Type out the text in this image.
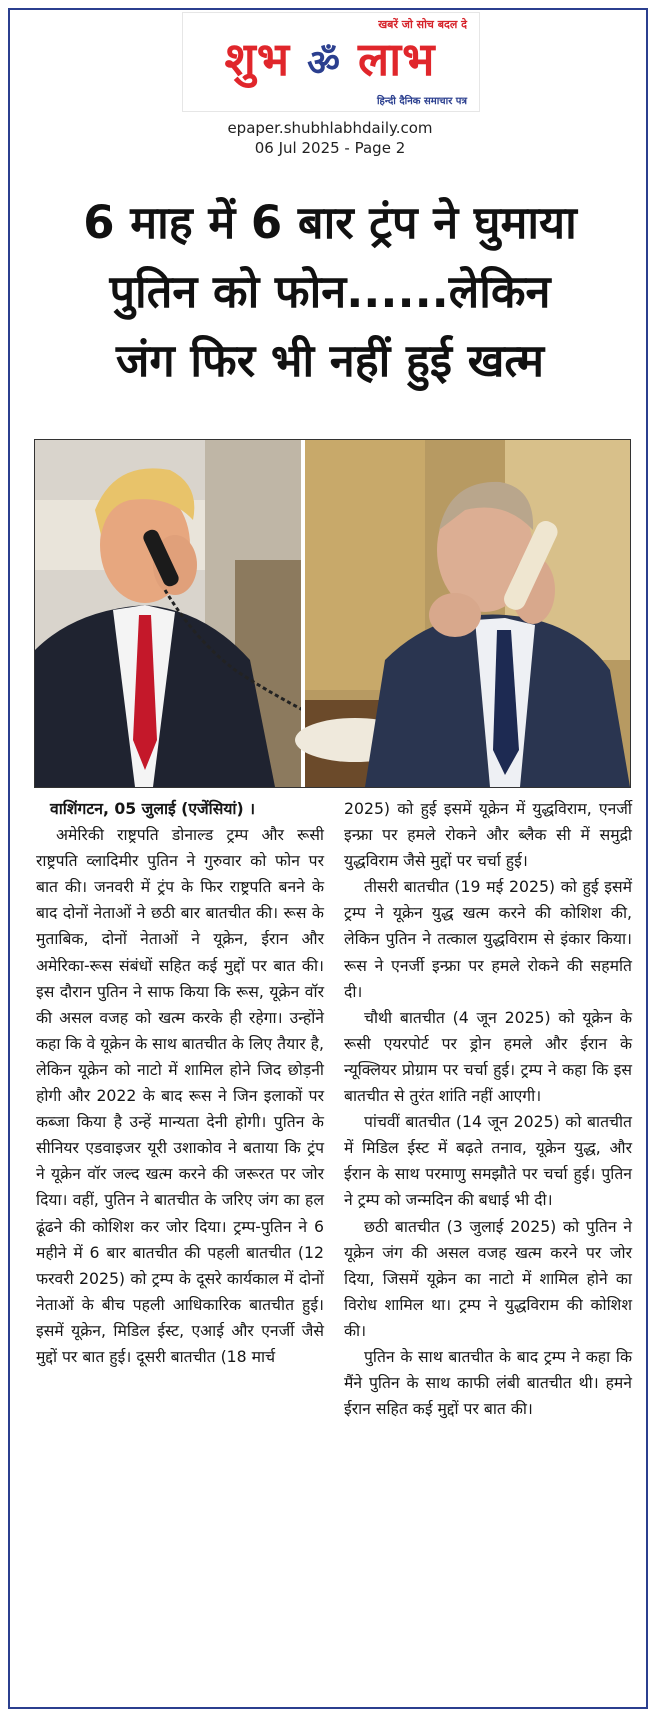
खबरें जो सोच बदल दे
शुभ ॐ लाभ
हिन्दी दैनिक समाचार पत्र
epaper.shubhlabhdaily.com
06 Jul 2025 - Page 2
6 माह में 6 बार ट्रंप ने घुमाया
पुतिन को फोन......लेकिन
जंग फिर भी नहीं हुई खत्म

वाशिंगटन, 05 जुलाई (एजेंसियां) ।

अमेरिकी राष्ट्रपति डोनाल्ड ट्रम्प और रूसी राष्ट्रपति व्लादिमीर पुतिन ने गुरुवार को फोन पर बात की। जनवरी में ट्रंप के फिर राष्ट्रपति बनने के बाद दोनों नेताओं ने छठी बार बातचीत की। रूस के मुताबिक, दोनों नेताओं ने यूक्रेन, ईरान और अमेरिका-रूस संबंधों सहित कई मुद्दों पर बात की। इस दौरान पुतिन ने साफ किया कि रूस, यूक्रेन वॉर की असल वजह को खत्म करके ही रहेगा। उन्होंने कहा कि वे यूक्रेन के साथ बातचीत के लिए तैयार है, लेकिन यूक्रेन को नाटो में शामिल होने जिद छोड़नी होगी और 2022 के बाद रूस ने जिन इलाकों पर कब्जा किया है उन्हें मान्यता देनी होगी। पुतिन के सीनियर एडवाइजर यूरी उशाकोव ने बताया कि ट्रंप ने यूक्रेन वॉर जल्द खत्म करने की जरूरत पर जोर दिया। वहीं, पुतिन ने बातचीत के जरिए जंग का हल ढूंढने की कोशिश कर जोर दिया। ट्रम्प-पुतिन ने 6 महीने में 6 बार बातचीत की पहली बातचीत (12 फरवरी 2025) को ट्रम्प के दूसरे कार्यकाल में दोनों नेताओं के बीच पहली आधिकारिक बातचीत हुई। इसमें यूक्रेन, मिडिल ईस्ट, एआई और एनर्जी जैसे मुद्दों पर बात हुई। दूसरी बातचीत (18 मार्च

2025) को हुई इसमें यूक्रेन में युद्धविराम, एनर्जी इन्फ्रा पर हमले रोकने और ब्लैक सी में समुद्री युद्धविराम जैसे मुद्दों पर चर्चा हुई।

तीसरी बातचीत (19 मई 2025) को हुई इसमें ट्रम्प ने यूक्रेन युद्ध खत्म करने की कोशिश की, लेकिन पुतिन ने तत्काल युद्धविराम से इंकार किया। रूस ने एनर्जी इन्फ्रा पर हमले रोकने की सहमति दी।

चौथी बातचीत (4 जून 2025) को यूक्रेन के रूसी एयरपोर्ट पर ड्रोन हमले और ईरान के न्यूक्लियर प्रोग्राम पर चर्चा हुई। ट्रम्प ने कहा कि इस बातचीत से तुरंत शांति नहीं आएगी।

पांचवीं बातचीत (14 जून 2025) को बातचीत में मिडिल ईस्ट में बढ़ते तनाव, यूक्रेन युद्ध, और ईरान के साथ परमाणु समझौते पर चर्चा हुई। पुतिन ने ट्रम्प को जन्मदिन की बधाई भी दी।

छठी बातचीत (3 जुलाई 2025) को पुतिन ने यूक्रेन जंग की असल वजह खत्म करने पर जोर दिया, जिसमें यूक्रेन का नाटो में शामिल होने का विरोध शामिल था। ट्रम्प ने युद्धविराम की कोशिश की।

पुतिन के साथ बातचीत के बाद ट्रम्प ने कहा कि मैंने पुतिन के साथ काफी लंबी बातचीत थी। हमने ईरान सहित कई मुद्दों पर बात की।
